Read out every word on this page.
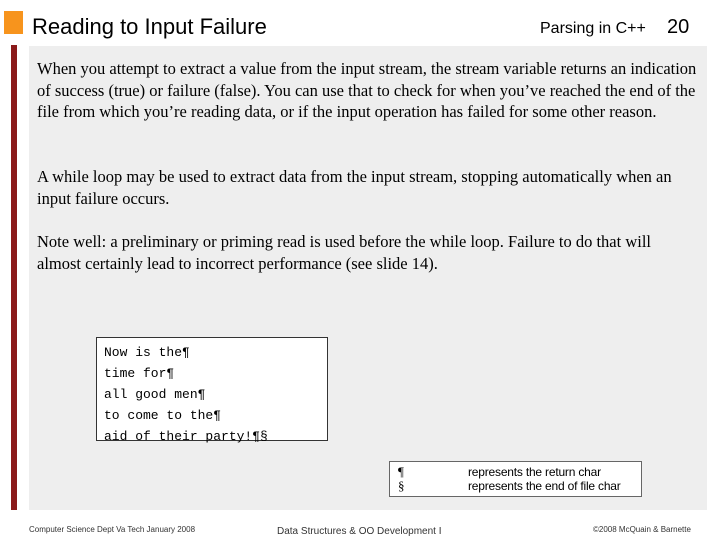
Reading to Input Failure	Parsing in C++ 20

When you attempt to extract a value from the input stream, the stream variable returns an indication of success (true) or failure (false). You can use that to check for when you’ve reached the end of the file from which you’re reading data, or if the input operation has failed for some other reason.

A while loop may be used to extract data from the input stream, stopping automatically when an input failure occurs.

Note well: a preliminary or priming read is used before the while loop. Failure to do that will almost certainly lead to incorrect performance (see slide 14).

Now is the¶
time for¶
all good men¶
to come to the¶
aid of their party!¶§
¶	represents the return char
§	represents the end of file char
Computer Science Dept Va Tech January 2008	Data Structures & OO Development I	©2008 McQuain & Barnette
